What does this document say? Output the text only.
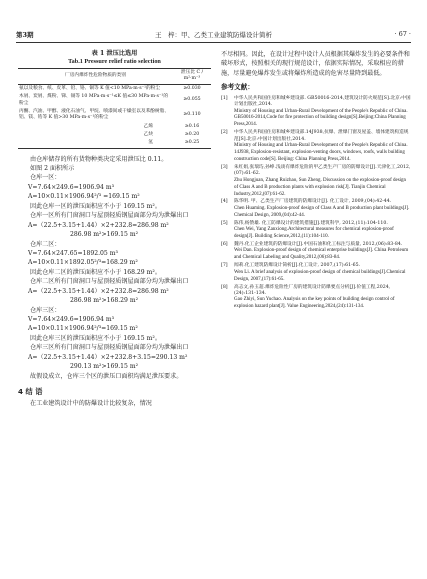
第3期	王　梓：甲、乙类工业建筑防爆设计简析	· 67 ·
表 1 泄压比选用
Tab.1 Pressure relief ratio selection
厂房内爆炸性危险物质的类别	泄压比 C / m²·m⁻³
氨以及粮食、纸、皮革、铅、铬、铜等 K 值<10 MPa·m·s⁻¹的粉尘	≥0.030
木屑、炭屑、煤粉、锑、锡等 10 MPa·m·s⁻¹≤K 值≤30 MPa·m·s⁻¹的粉尘	≥0.055
丙酮、汽油、甲醇、液化石油气、甲烷、喷漆间或干燥室以及苯酚树脂、铝、镁、锆等 K 值>30 MPa·m·s⁻¹的粉尘	≥0.110
乙烯	≥0.16
乙炔	≥0.20
氢	≥0.25

由仓库储存的所有货物种类决定采用泄压比 0.11。

如图 2 面积所示

仓库一区：

V=7.64×249.6=1906.94 m³

A=10×0.11×1906.94²/³ =169.15 m²

因此仓库一区的泄压面积应不小于 169.15 m²。

仓库一区所有门窗洞口与屋顶轻质钢屋面部分均为泄爆出口

A=（22.5+3.15+1.44）×2+232.8=286.98 m²

286.98 m²>169.15 m²

仓库二区：

V=7.64×247.65=1892.05 m³

A=10×0.11×1892.05²/³=168.29 m²

因此仓库二区的泄压面积应不小于 168.29 m²。

仓库二区所有门窗洞口与屋顶轻质钢屋面部分均为泄爆出口

A=（22.5+3.15+1.44）×2+232.8=286.98 m²

286.98 m²>168.29 m²

仓库三区：

V=7.64×249.6=1906.94 m³

A=10×0.11×1906.94²/³=169.15 m²

因此仓库三区的泄压面积应不小于 169.15 m²。

仓库三区所有门窗洞口与屋顶轻质钢屋面部分均为泄爆出口

A=（22.5+3.15+1.44）×2+232.8+3.15=290.13 m²

290.13 m²>169.15 m²

故假设成立，仓库三个区的泄压口面积均满足泄压要求。

4 结 语

在工业建筑设计中的防爆设计比较复杂，情况

不尽相同。因此，在设计过程中设计人员根据其爆炸发生的必要条件和破坏形式，按照相关的现行规范设计，依据实际情况，采取相应的措施，尽量避免爆炸发生或将爆炸所造成的危害尽量降到最低。

参考文献：
[1]	中华人民共和国住房和城乡建设部. GB50016-2014,建筑设计防火规范[S].北京:中国计划出版社,2014.
Ministry of Housing and Urban-Rural Development of the People's Republic of China. GB50016-2014,Code for fire protection of building design[S].Beijing:China Planning Press,2014.
[2]	中华人民共和国住房和城乡建设部.14J938,抗爆、泄爆门窗及屋盖、墙体建筑构造规范[S].北京:中国计划出版社,2014.
Ministry of Housing and Urban-Rural Development of the People's Republic of China. 14J938, Explosion-resistant, explosion-venting doors, windows, roofs, walls building construction code[S]. Beijing: China Planning Press,2014.
[3]	朱红娟,张瑞玙,孙峥.浅谈有爆炸危险的甲乙类生产厂房的防爆设计[J].天津化工,2012,(07):61-62.
Zhu Hongjuan, Zhang Ruizhao, Sun Zheng. Discussion on the explosion-proof design of Class A and B production plants with explosion risk[J]. Tianjin Chemical Industry,2012,(07):61-62.
[4]	陈华明. 甲、乙类生产厂房建筑的防爆设计[J]. 化工设计, 2009,(04):42-44.
Chen Huaming. Explosion-proof design of Class A and B production plant buildings[J]. Chemical Design, 2009,(04):42-44.
[5]	陈伟,杨赞雄. 化工防爆设计的建筑措施[J].建筑科学, 2012,(11):104-110.
Chen Wei, Yang Zanxiong.Architectural measures for chemical explosion-proof design[J]. Building Science,2012,(11):104-110.
[6]	魏丹.化工企业建筑的防爆设计[J].中国石油和化工标注与质量, 2012,(06):83-84.
Wei Dan. Explosion-proof design of chemical enterprise buildings[J]. China Petroleum and Chemical Labeling and Quality,2012,(06):83-84.
[7]	闻莉.化工建筑防爆设计简析[J].化工设计, 2007,(17):61-65.
Wen Li. A brief analysis of explosion-proof design of chemical buildings[J].Chemical Design, 2007,(17):61-65.
[8]	高志文,孙玉超.爆炸危险性厂房的建筑设计防爆要点分析[J].价值工程,2024,(24):131-134.
Gao Zhiyi, Sun Yuchao. Analysis on the key points of building design control of explosion hazard plant[J]. Value Engineering,2024,(24):131-134.
